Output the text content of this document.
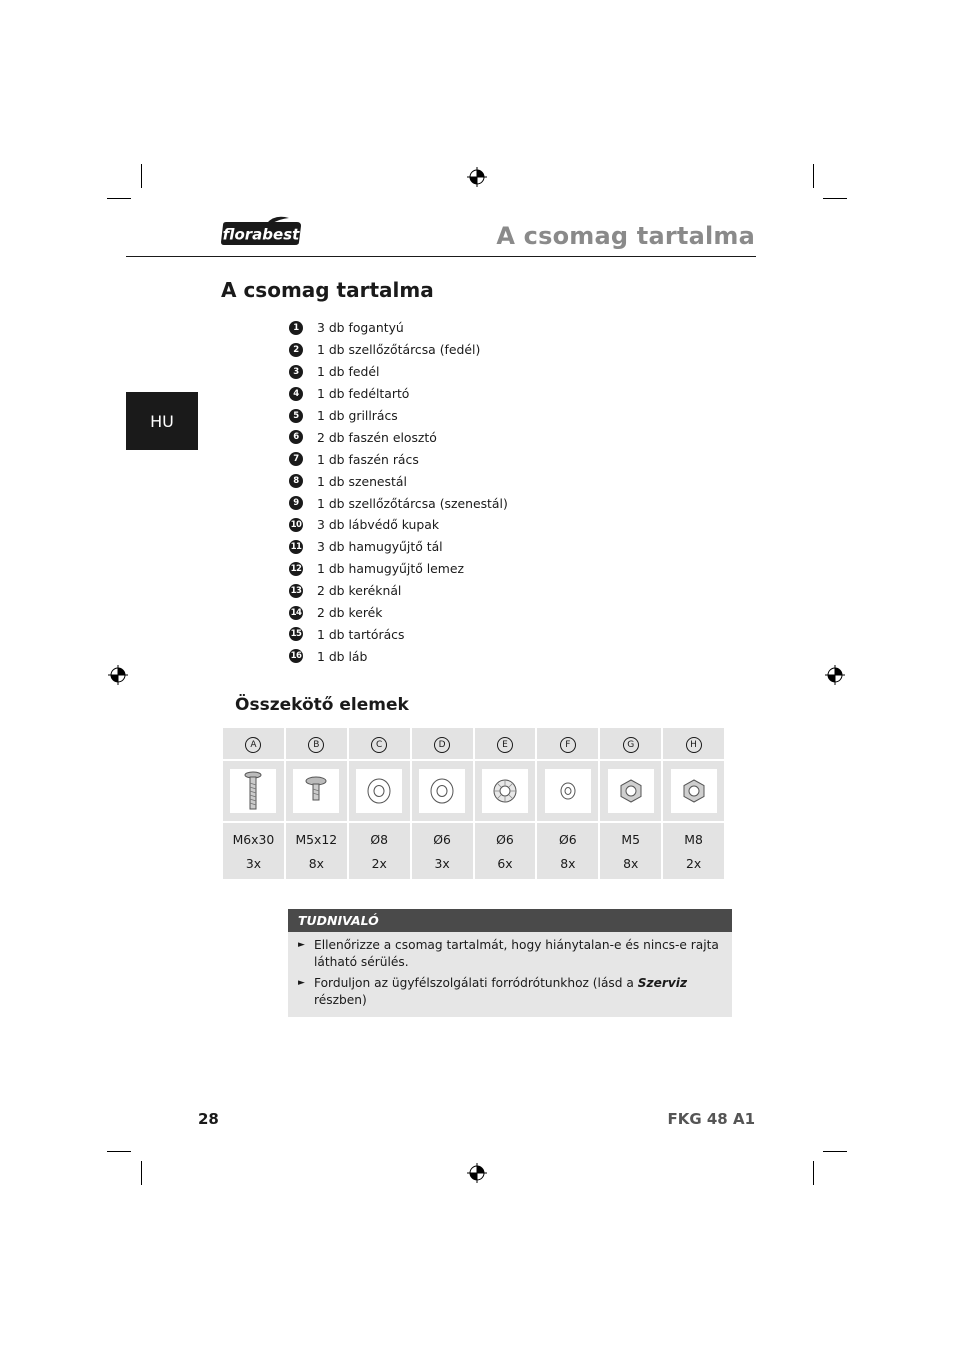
florabest	A csomag tartalma
HU
A csomag tartalma
1	3 db fogantyú
2	1 db szellőzőtárcsa (fedél)
3	1 db fedél
4	1 db fedéltartó
5	1 db grillrács
6	2 db faszén elosztó
7	1 db faszén rács
8	1 db szenestál
9	1 db szellőzőtárcsa (szenestál)
10 3 db lábvédő kupak
11 3 db hamugyűjtő tál
12 1 db hamugyűjtő lemez
13 2 db keréknál
14 2 db kerék
15 1 db tartórács
16 1 db láb
Összekötő elemek
A	B	C	D	E	F	G	H

M6x30	M5x12	Ø8	Ø6	Ø6	Ø6	M5	M8
3x	8x	2x	3x	6x	8x	8x	2x
TUDNIVALÓ
► Ellenőrizze a csomag tartalmát, hogy hiánytalan-e és nincs-e rajta látható sérülés.
► Forduljon az ügyfélszolgálati forródrótunkhoz (lásd a Szerviz részben)
28	FKG 48 A1
